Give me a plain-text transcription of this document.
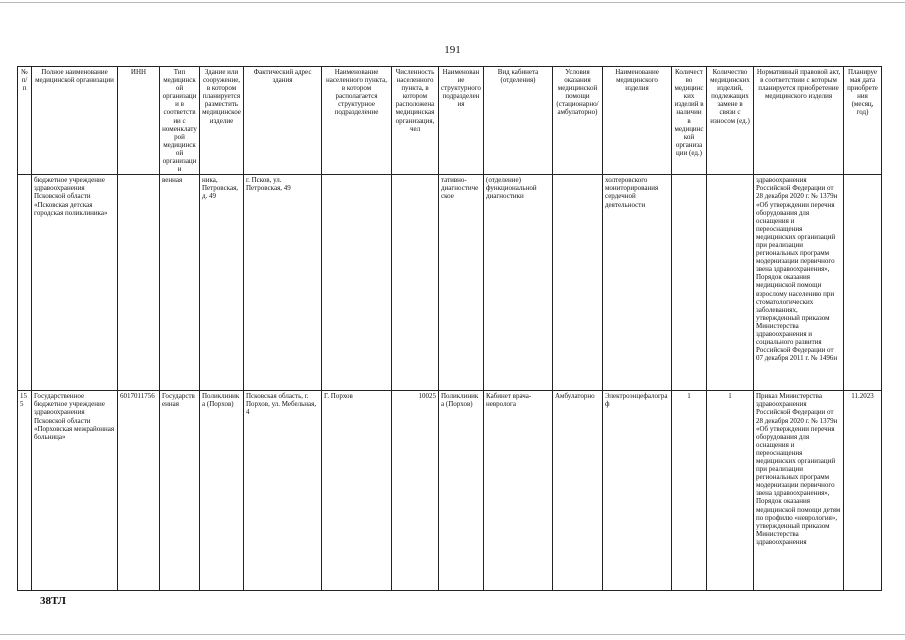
191
№ п/п	Полное наименование медицинской организации	ИНН	Тип медицинской организации в соответствии с номенклатурой медицинской организации	Здание или сооружение, в котором планируется разместить медицинское изделие	Фактический адрес здания	Наименование населенного пункта, в котором располагается структурное подразделение	Численность населенного пункта, в котором расположена медицинская организация, чел	Наименование структурного подразделения	Вид кабинета (отделения)	Условия оказания медицинской помощи (стационарно/ амбулаторно)	Наименование медицинского изделия	Количество медицинских изделий в наличии в медицинской организации (ед.)	Количество медицинских изделий, подлежащих замене в связи с износом (ед.)	Нормативный правовой акт, в соответствии с которым планируется приобретение медицинского изделия	Планируемая дата приобретения (месяц, год)
	бюджетное учреждение здравоохранения Псковской области «Псковская детская городская поликлиника»		венная	ника, Петровская, д. 49	г. Псков, ул. Петровская, 49			тативно-диагностическое	(отделение) функциональной диагностики		холтеровского мониторирования сердечной деятельности			здравоохранения Российской Федерации от 28 декабря 2020 г. № 1379н «Об утверждении перечня оборудования для оснащения и переоснащения медицинских организаций при реализации региональных программ модернизации первичного звена здравоохранения», Порядок оказания медицинской помощи взрослому населению при стоматологических заболеваниях, утвержденный приказом Министерства здравоохранения и социального развития Российской Федерации от 07 декабря 2011 г. № 1496н	
155	Государственное бюджетное учреждение здравоохранения Псковской области «Порховская межрайонная больница»	6017011756	Государственная	Поликлиника (Порхов)	Псковская область, г. Порхов, ул. Мебельная, 4	Г. Порхов	10025	Поликлиника (Порхов)	Кабинет врача-невролога	Амбулаторно	Электроэнцефалограф	1	1	Приказ Министерства здравоохранения Российской Федерации от 28 декабря 2020 г. № 1379н «Об утверждении перечня оборудования для оснащения и переоснащения медицинских организаций при реализации региональных программ модернизации первичного звена здравоохранения», Порядок оказания медицинской помощи детям по профилю «неврология», утвержденный приказом Министерства здравоохранения	11.2023
38ТЛ
